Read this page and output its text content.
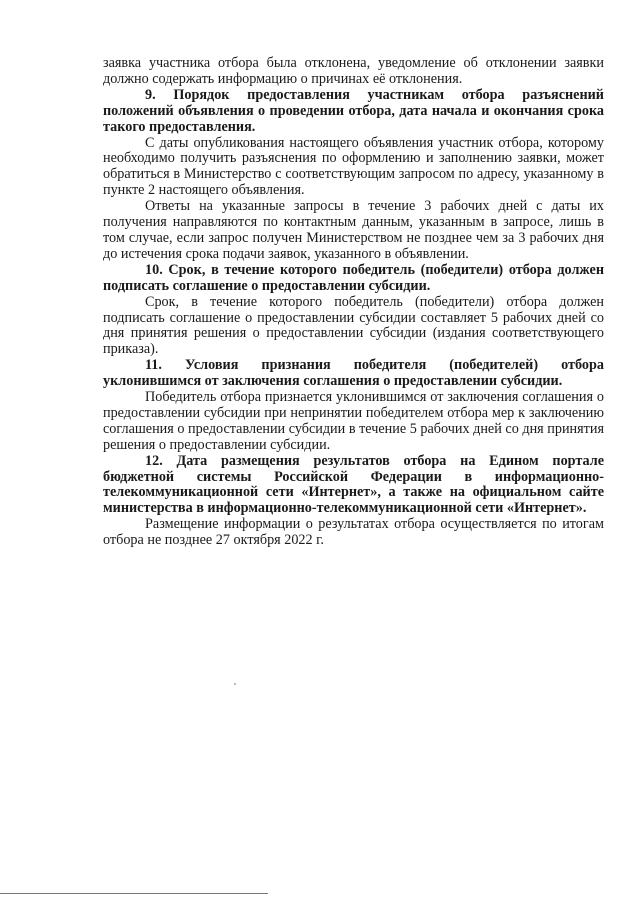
заявка участника отбора была отклонена, уведомление об отклонении заявки должно содержать информацию о причинах её отклонения.

9. Порядок предоставления участникам отбора разъяснений положений объявления о проведении отбора, дата начала и окончания срока такого предоставления.

С даты опубликования настоящего объявления участник отбора, которому необходимо получить разъяснения по оформлению и заполнению заявки, может обратиться в Министерство с соответствующим запросом по адресу, указанному в пункте 2 настоящего объявления.

Ответы на указанные запросы в течение 3 рабочих дней с даты их получения направляются по контактным данным, указанным в запросе, лишь в том случае, если запрос получен Министерством не позднее чем за 3 рабочих дня до истечения срока подачи заявок, указанного в объявлении.

10. Срок, в течение которого победитель (победители) отбора должен подписать соглашение о предоставлении субсидии.

Срок, в течение которого победитель (победители) отбора должен подписать соглашение о предоставлении субсидии составляет 5 рабочих дней со дня принятия решения о предоставлении субсидии (издания соответствующего приказа).

11. Условия признания победителя (победителей) отбора уклонившимся от заключения соглашения о предоставлении субсидии.

Победитель отбора признается уклонившимся от заключения соглашения о предоставлении субсидии при непринятии победителем отбора мер к заключению соглашения о предоставлении субсидии в течение 5 рабочих дней со дня принятия решения о предоставлении субсидии.

12. Дата размещения результатов отбора на Едином портале бюджетной системы Российской Федерации в информационно-телекоммуникационной сети «Интернет», а также на официальном сайте министерства в информационно-телекоммуникационной сети «Интернет».

Размещение информации о результатах отбора осуществляется по итогам отбора не позднее 27 октября 2022 г.
